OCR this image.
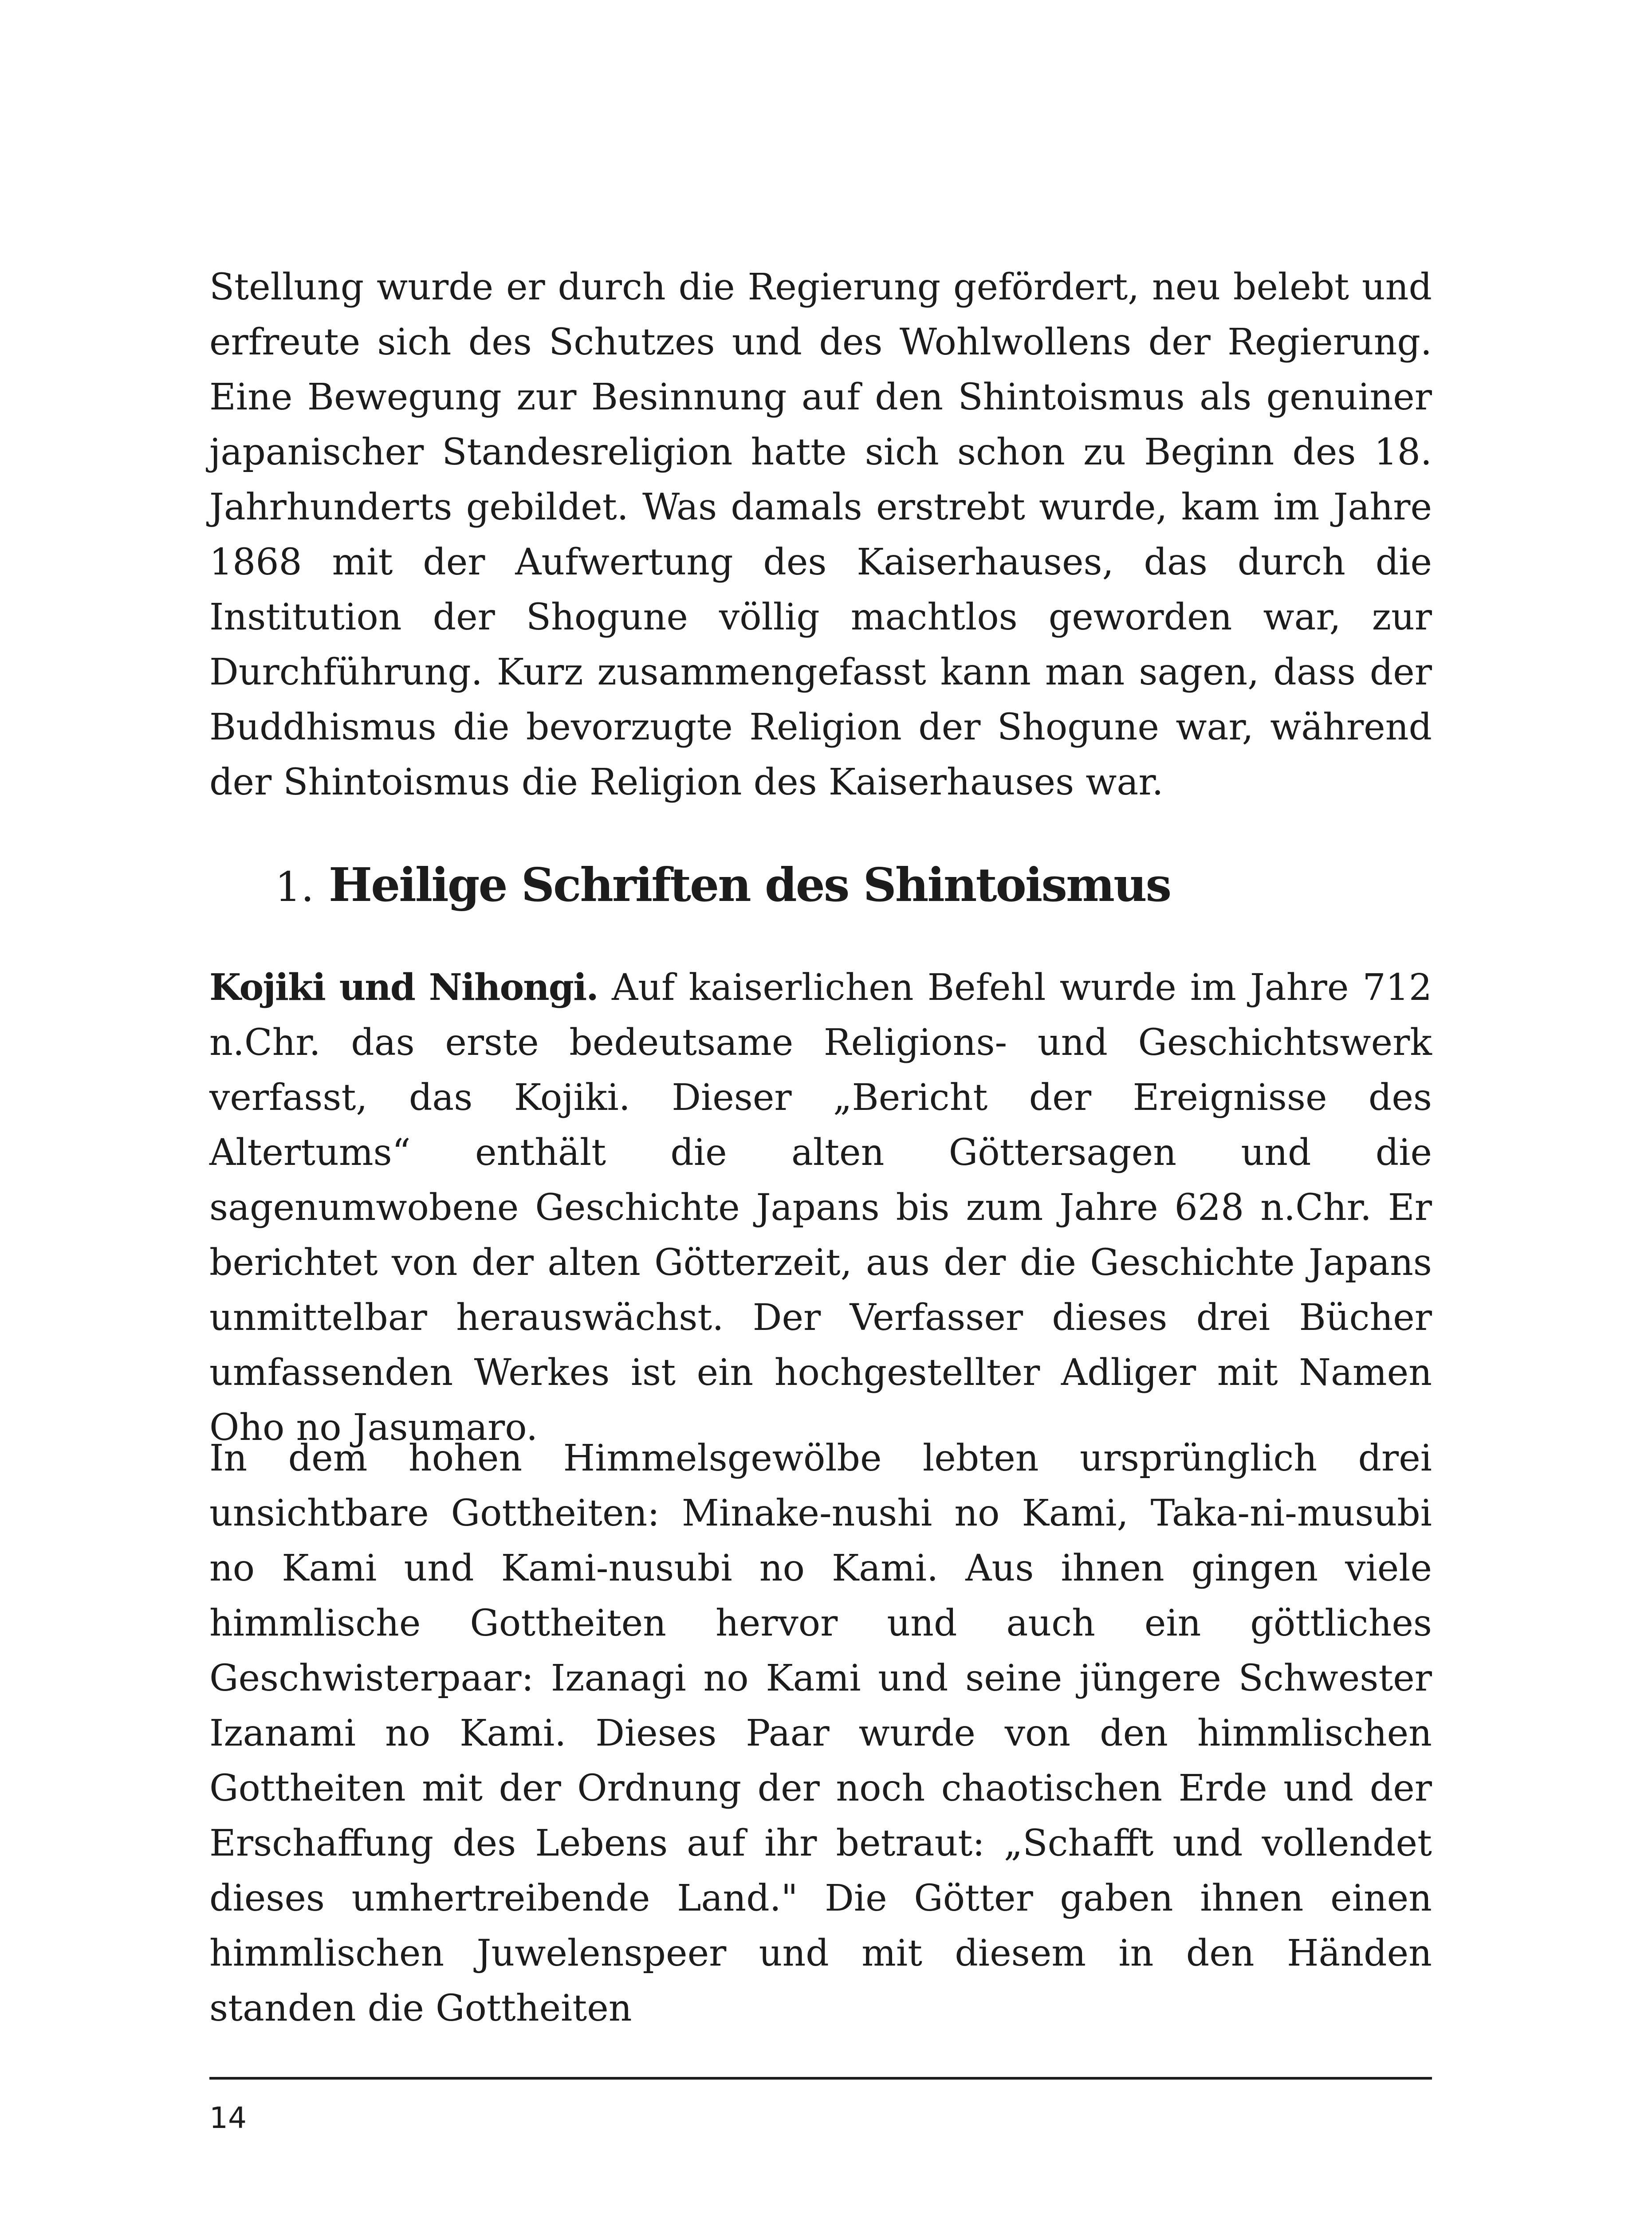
Stellung wurde er durch die Regierung gefördert, neu belebt und erfreute sich des Schutzes und des Wohlwollens der Regierung. Eine Bewegung zur Besinnung auf den Shintoismus als genuiner japanischer Standesreligion hatte sich schon zu Beginn des 18. Jahrhunderts gebildet. Was damals erstrebt wurde, kam im Jahre 1868 mit der Aufwertung des Kaiserhauses, das durch die Institution der Shogune völlig machtlos geworden war, zur Durchführung. Kurz zusammengefasst kann man sagen, dass der Buddhismus die bevorzugte Religion der Shogune war, während der Shintoismus die Religion des Kaiserhauses war.

1. Heilige Schriften des Shintoismus

Kojiki und Nihongi. Auf kaiserlichen Befehl wurde im Jahre 712 n.Chr. das erste bedeutsame Religions- und Geschichtswerk verfasst, das Kojiki. Dieser „Bericht der Ereignisse des Altertums“ enthält die alten Göttersagen und die sagenumwobene Geschichte Japans bis zum Jahre 628 n.Chr. Er berichtet von der alten Götterzeit, aus der die Geschichte Japans unmittelbar herauswächst. Der Verfasser dieses drei Bücher umfassenden Werkes ist ein hochgestellter Adliger mit Namen Oho no Jasumaro.

In dem hohen Himmelsgewölbe lebten ursprünglich drei unsichtbare Gottheiten: Minake-nushi no Kami, Taka-ni-musubi no Kami und Kami-nusubi no Kami. Aus ihnen gingen viele himmlische Gottheiten hervor und auch ein göttliches Geschwisterpaar: Izanagi no Kami und seine jüngere Schwester Izanami no Kami. Dieses Paar wurde von den himmlischen Gottheiten mit der Ordnung der noch chaotischen Erde und der Erschaffung des Lebens auf ihr betraut: „Schafft und vollendet dieses umhertreibende Land." Die Götter gaben ihnen einen himmlischen Juwelenspeer und mit diesem in den Händen standen die Gottheiten

14
